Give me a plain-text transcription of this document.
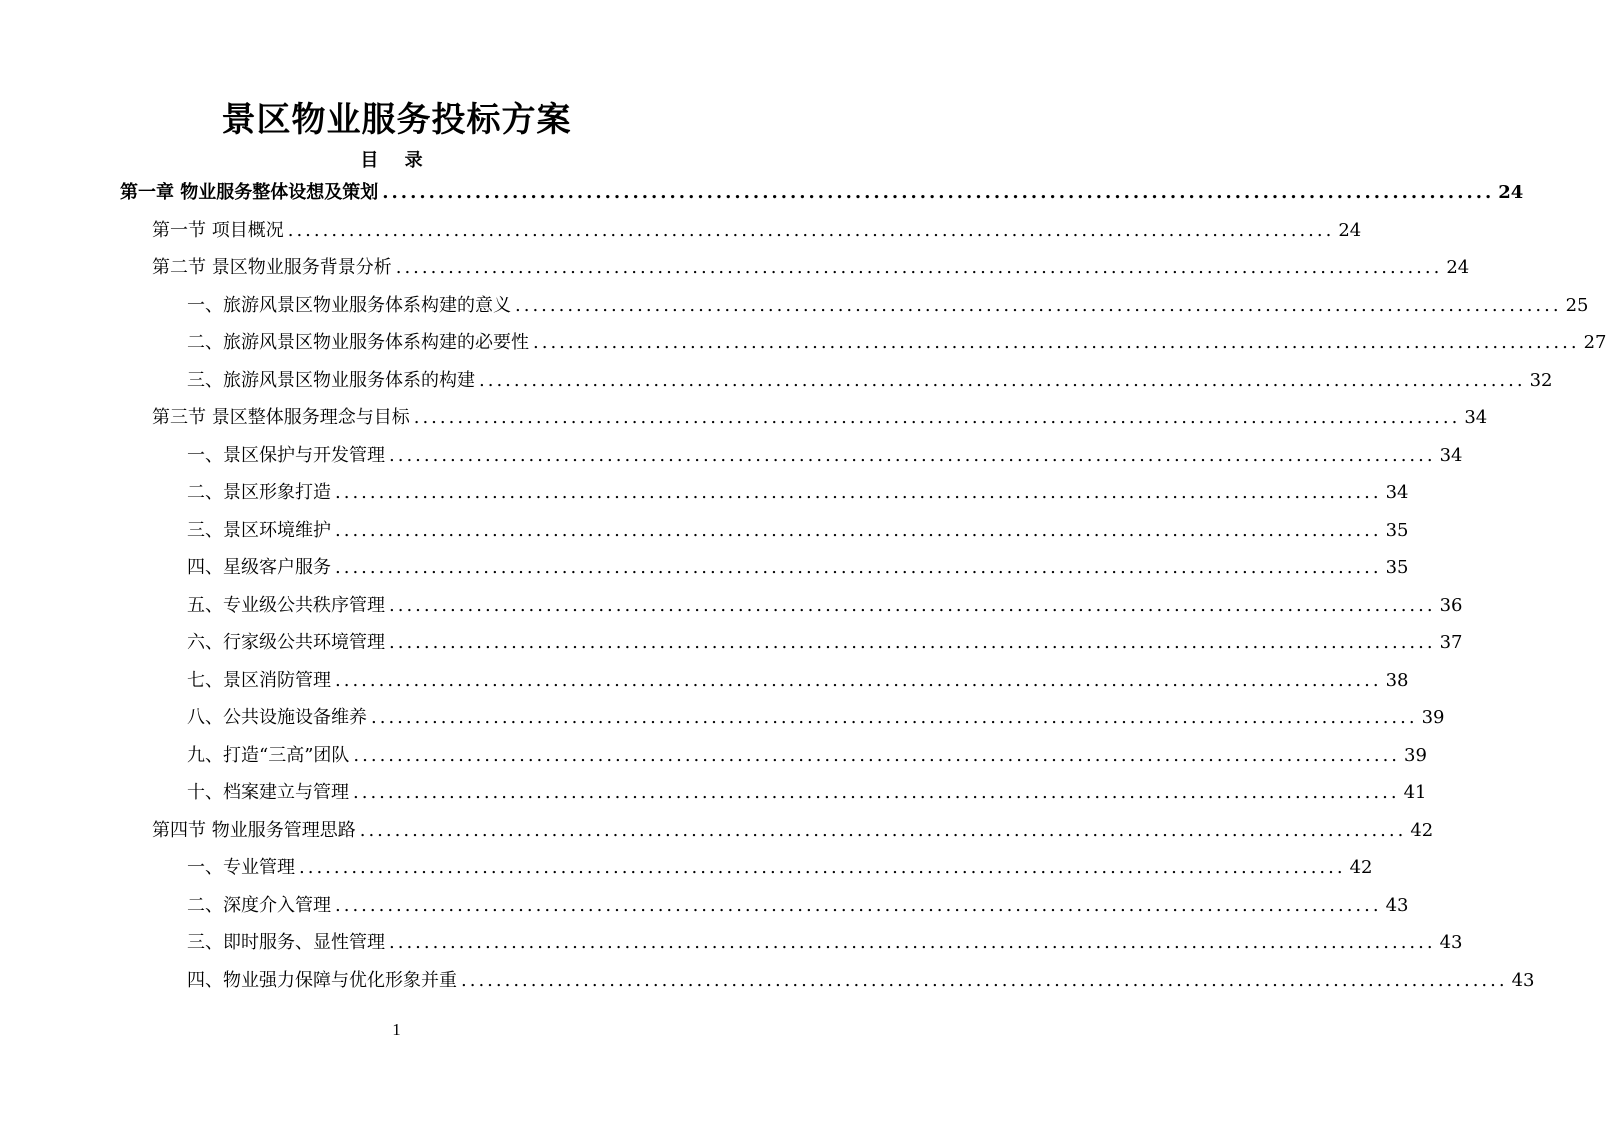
景区物业服务投标方案
目 录
第一章 物业服务整体设想及策划 ........................................................................................................................ 24
第一节 项目概况 ........................................................................................................................ 24
第二节 景区物业服务背景分析 ........................................................................................................................ 24
一、旅游风景区物业服务体系构建的意义 ........................................................................................................................ 25
二、旅游风景区物业服务体系构建的必要性 ........................................................................................................................ 27
三、旅游风景区物业服务体系的构建 ........................................................................................................................ 32
第三节 景区整体服务理念与目标 ........................................................................................................................ 34
一、景区保护与开发管理 ........................................................................................................................ 34
二、景区形象打造 ........................................................................................................................ 34
三、景区环境维护 ........................................................................................................................ 35
四、星级客户服务 ........................................................................................................................ 35
五、专业级公共秩序管理 ........................................................................................................................ 36
六、行家级公共环境管理 ........................................................................................................................ 37
七、景区消防管理 ........................................................................................................................ 38
八、公共设施设备维养 ........................................................................................................................ 39
九、打造“三高”团队 ........................................................................................................................ 39
十、档案建立与管理 ........................................................................................................................ 41
第四节 物业服务管理思路 ........................................................................................................................ 42
一、专业管理 ........................................................................................................................ 42
二、深度介入管理 ........................................................................................................................ 43
三、即时服务、显性管理 ........................................................................................................................ 43
四、物业强力保障与优化形象并重 ........................................................................................................................ 43
1
